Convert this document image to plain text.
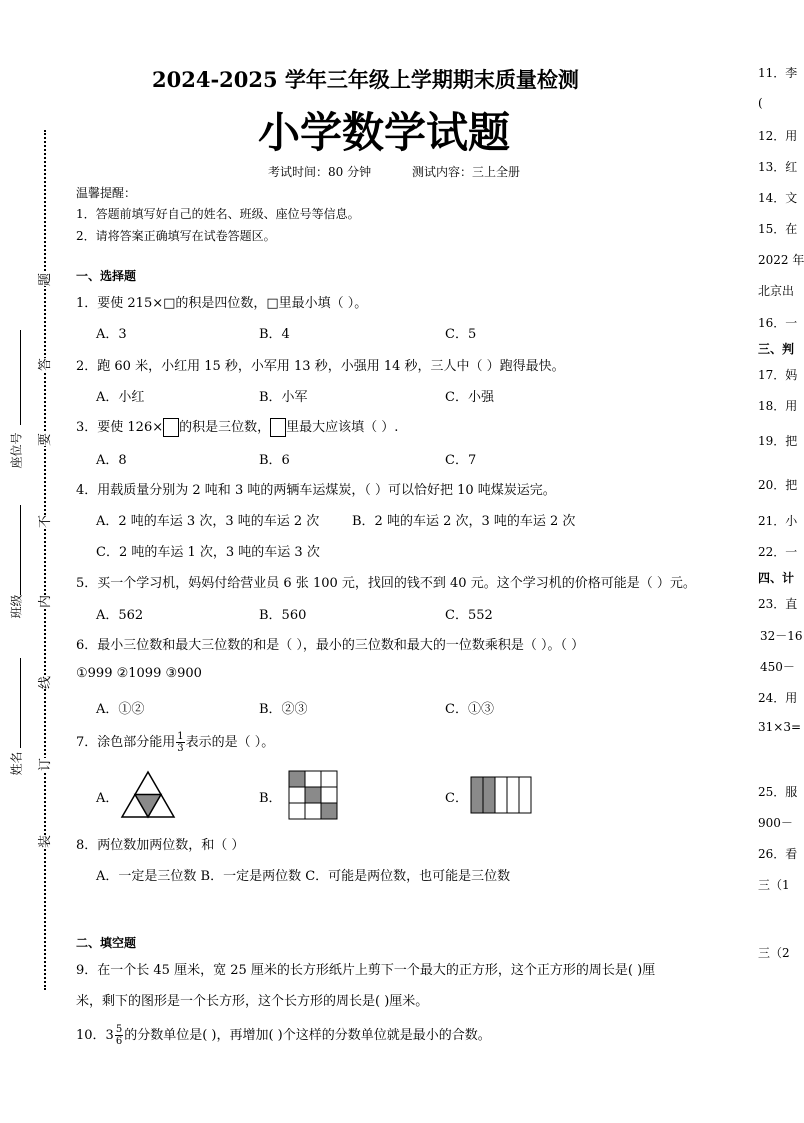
题
答
要
不
内
线
订
装
姓名
班级
座位号
2024-2025 学年三年级上学期期末质量检测
小学数学试题
考试时间：80 分钟	测试内容：三上全册
温馨提醒：
1．答题前填写好自己的姓名、班级、座位号等信息。
2．请将答案正确填写在试卷答题区。
一、选择题
1．要使 215×□的积是四位数，□里最小填（ ）。
A．3	B．4	C．5
2．跑 60 米，小红用 15 秒，小军用 13 秒，小强用 14 秒，三人中（ ）跑得最快。
A．小红	B．小军	C．小强
3．要使 126× 的积是三位数， 里最大应该填（ ）.
A．8	B．6	C．7
4．用载质量分别为 2 吨和 3 吨的两辆车运煤炭，（ ）可以恰好把 10 吨煤炭运完。
A．2 吨的车运 3 次，3 吨的车运 2 次	B．2 吨的车运 2 次，3 吨的车运 2 次
C．2 吨的车运 1 次，3 吨的车运 3 次
5．买一个学习机，妈妈付给营业员 6 张 100 元，找回的钱不到 40 元。这个学习机的价格可能是（ ）元。
A．562	B．560	C．552
6．最小三位数和最大三位数的和是（ ），最小的三位数和最大的一位数乘积是（ ）。（ ）
①999 ②1099 ③900
A．①②	B．②③	C．①③
7．涂色部分能用 $\frac{1}{3}$ 表示的是（ ）。
A．	B．	C．
8．两位数加两位数，和（ ）
A．一定是三位数 B．一定是两位数 C．可能是两位数，也可能是三位数
二、填空题
9．在一个长 45 厘米，宽 25 厘米的长方形纸片上剪下一个最大的正方形，这个正方形的周长是( )厘
米，剩下的图形是一个长方形，这个长方形的周长是( )厘米。
10．$3 \frac{5}{6}$ 的分数单位是( )，再增加( )个这样的分数单位就是最小的合数。
11．李
(
12．用
13．红
14．文
15．在
2022 年
北京出
16．一
三、判
17．妈
18．用
19．把
20．把
21．小
22．一
四、计
23．直
32－16
450－
24．用
31×3=
25．服
900－
26．看
三（1
三（2
